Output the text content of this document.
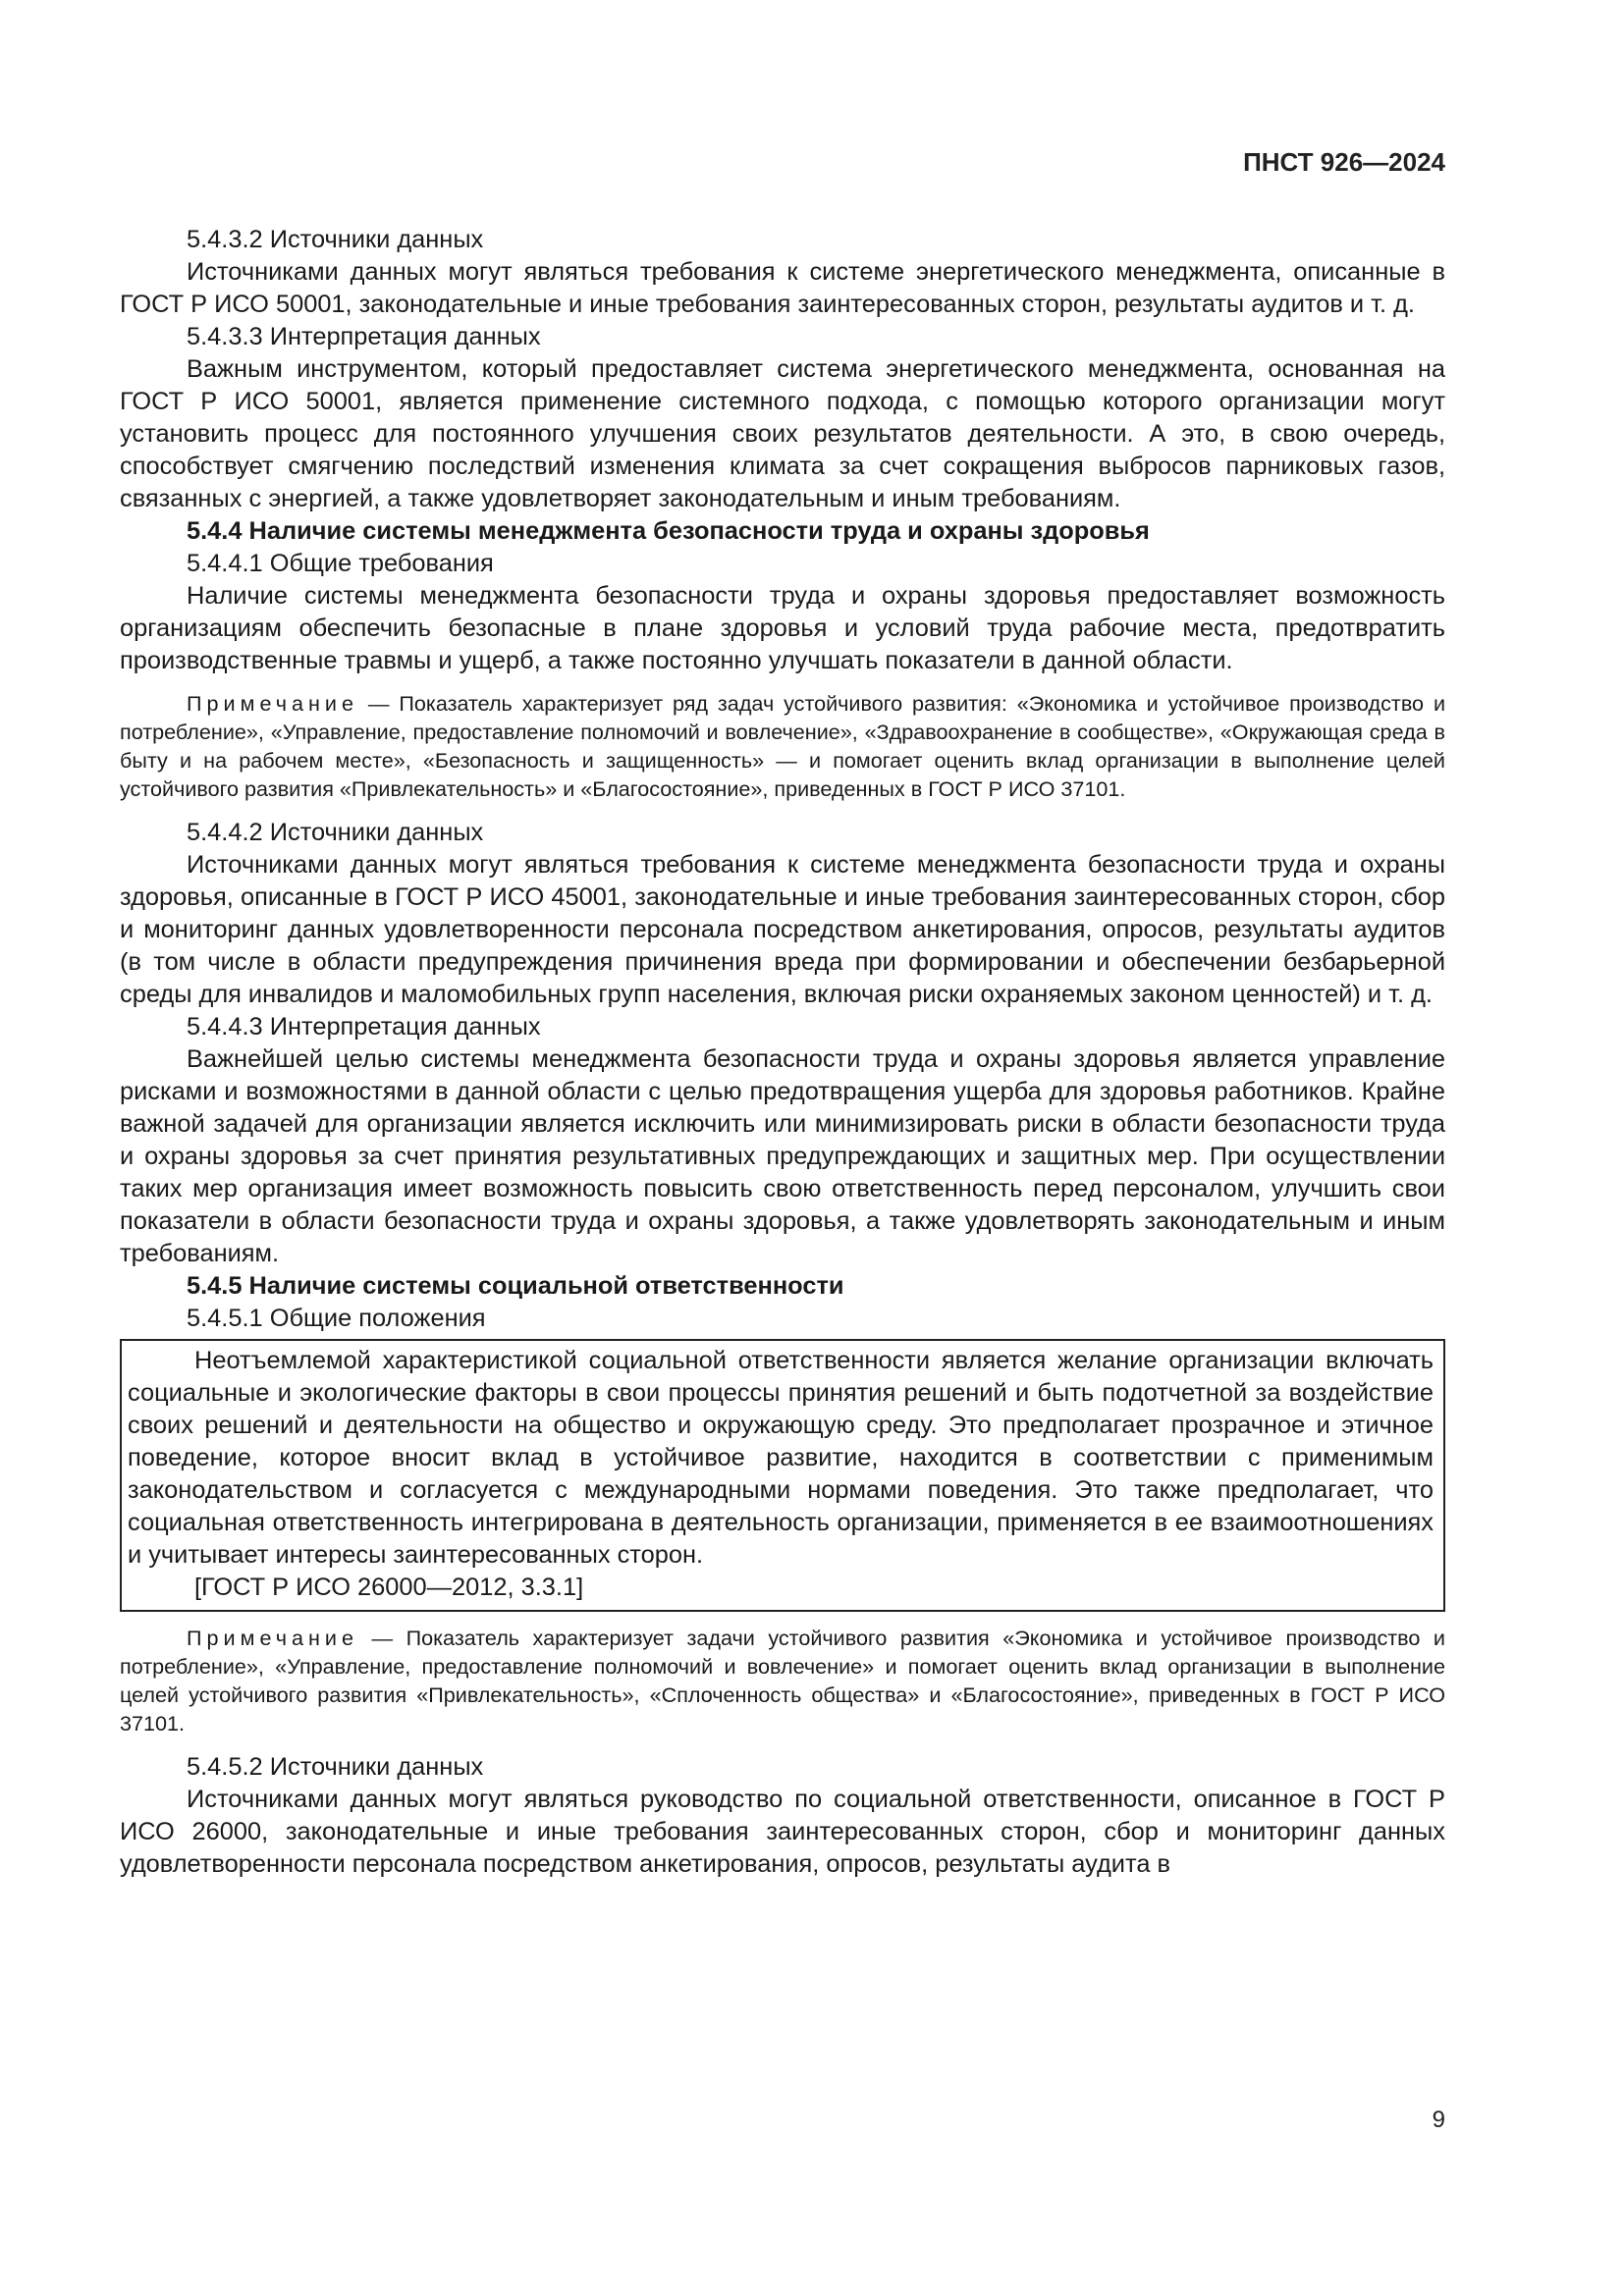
ПНСТ 926—2024

5.4.3.2 Источники данных

Источниками данных могут являться требования к системе энергетического менеджмента, описанные в ГОСТ Р ИСО 50001, законодательные и иные требования заинтересованных сторон, результаты аудитов и т. д.

5.4.3.3 Интерпретация данных

Важным инструментом, который предоставляет система энергетического менеджмента, основанная на ГОСТ Р ИСО 50001, является применение системного подхода, с помощью которого организации могут установить процесс для постоянного улучшения своих результатов деятельности. А это, в свою очередь, способствует смягчению последствий изменения климата за счет сокращения выбросов парниковых газов, связанных с энергией, а также удовлетворяет законодательным и иным требованиям.

5.4.4 Наличие системы менеджмента безопасности труда и охраны здоровья

5.4.4.1 Общие требования

Наличие системы менеджмента безопасности труда и охраны здоровья предоставляет возможность организациям обеспечить безопасные в плане здоровья и условий труда рабочие места, предотвратить производственные травмы и ущерб, а также постоянно улучшать показатели в данной области.

Примечание — Показатель характеризует ряд задач устойчивого развития: «Экономика и устойчивое производство и потребление», «Управление, предоставление полномочий и вовлечение», «Здравоохранение в сообществе», «Окружающая среда в быту и на рабочем месте», «Безопасность и защищенность» — и помогает оценить вклад организации в выполнение целей устойчивого развития «Привлекательность» и «Благосостояние», приведенных в ГОСТ Р ИСО 37101.

5.4.4.2 Источники данных

Источниками данных могут являться требования к системе менеджмента безопасности труда и охраны здоровья, описанные в ГОСТ Р ИСО 45001, законодательные и иные требования заинтересованных сторон, сбор и мониторинг данных удовлетворенности персонала посредством анкетирования, опросов, результаты аудитов (в том числе в области предупреждения причинения вреда при формировании и обеспечении безбарьерной среды для инвалидов и маломобильных групп населения, включая риски охраняемых законом ценностей) и т. д.

5.4.4.3 Интерпретация данных

Важнейшей целью системы менеджмента безопасности труда и охраны здоровья является управление рисками и возможностями в данной области с целью предотвращения ущерба для здоровья работников. Крайне важной задачей для организации является исключить или минимизировать риски в области безопасности труда и охраны здоровья за счет принятия результативных предупреждающих и защитных мер. При осуществлении таких мер организация имеет возможность повысить свою ответственность перед персоналом, улучшить свои показатели в области безопасности труда и охраны здоровья, а также удовлетворять законодательным и иным требованиям.

5.4.5 Наличие системы социальной ответственности

5.4.5.1 Общие положения

Неотъемлемой характеристикой социальной ответственности является желание организации включать социальные и экологические факторы в свои процессы принятия решений и быть подотчетной за воздействие своих решений и деятельности на общество и окружающую среду. Это предполагает прозрачное и этичное поведение, которое вносит вклад в устойчивое развитие, находится в соответствии с применимым законодательством и согласуется с международными нормами поведения. Это также предполагает, что социальная ответственность интегрирована в деятельность организации, применяется в ее взаимоотношениях и учитывает интересы заинтересованных сторон.

[ГОСТ Р ИСО 26000—2012, 3.3.1]

Примечание — Показатель характеризует задачи устойчивого развития «Экономика и устойчивое производство и потребление», «Управление, предоставление полномочий и вовлечение» и помогает оценить вклад организации в выполнение целей устойчивого развития «Привлекательность», «Сплоченность общества» и «Благосостояние», приведенных в ГОСТ Р ИСО 37101.

5.4.5.2 Источники данных

Источниками данных могут являться руководство по социальной ответственности, описанное в ГОСТ Р ИСО 26000, законодательные и иные требования заинтересованных сторон, сбор и мониторинг данных удовлетворенности персонала посредством анкетирования, опросов, результаты аудита в

9
